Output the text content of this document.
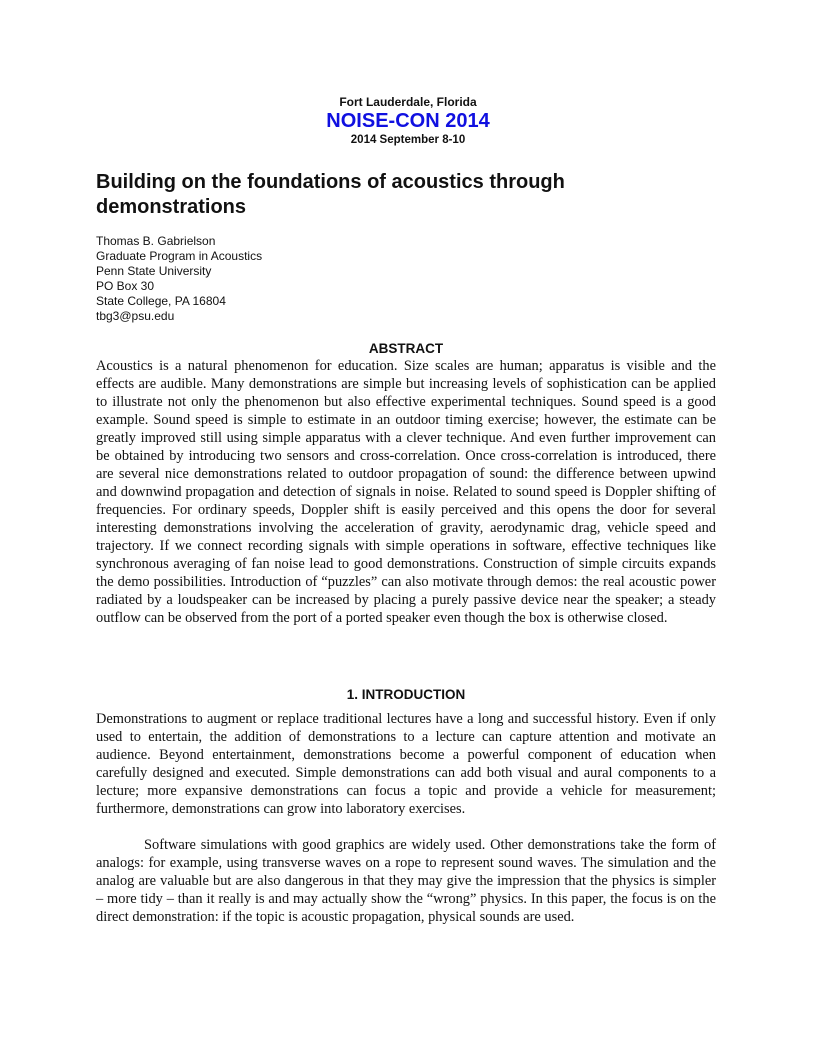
Fort Lauderdale, Florida
NOISE-CON 2014
2014 September 8-10
Building on the foundations of acoustics through demonstrations
Thomas B. Gabrielson
Graduate Program in Acoustics
Penn State University
PO Box 30
State College, PA 16804
tbg3@psu.edu
ABSTRACT

Acoustics is a natural phenomenon for education. Size scales are human; apparatus is visible and the effects are audible. Many demonstrations are simple but increasing levels of sophistication can be applied to illustrate not only the phenomenon but also effective experimental techniques. Sound speed is a good example. Sound speed is simple to estimate in an outdoor timing exercise; however, the estimate can be greatly improved still using simple apparatus with a clever technique. And even further improvement can be obtained by introducing two sensors and cross-correlation. Once cross-correlation is introduced, there are several nice demonstrations related to outdoor propagation of sound: the difference between upwind and downwind propagation and detection of signals in noise. Related to sound speed is Doppler shifting of frequencies. For ordinary speeds, Doppler shift is easily perceived and this opens the door for several interesting demonstrations involving the acceleration of gravity, aerodynamic drag, vehicle speed and trajectory. If we connect recording signals with simple operations in software, effective techniques like synchronous averaging of fan noise lead to good demonstrations. Construction of simple circuits expands the demo possibilities. Introduction of “puzzles” can also motivate through demos: the real acoustic power radiated by a loudspeaker can be increased by placing a purely passive device near the speaker; a steady outflow can be observed from the port of a ported speaker even though the box is otherwise closed.

1. INTRODUCTION

Demonstrations to augment or replace traditional lectures have a long and successful history. Even if only used to entertain, the addition of demonstrations to a lecture can capture attention and motivate an audience. Beyond entertainment, demonstrations become a powerful component of education when carefully designed and executed. Simple demonstrations can add both visual and aural components to a lecture; more expansive demonstrations can focus a topic and provide a vehicle for measurement; furthermore, demonstrations can grow into laboratory exercises.

Software simulations with good graphics are widely used. Other demonstrations take the form of analogs: for example, using transverse waves on a rope to represent sound waves. The simulation and the analog are valuable but are also dangerous in that they may give the impression that the physics is simpler – more tidy – than it really is and may actually show the “wrong” physics. In this paper, the focus is on the direct demonstration: if the topic is acoustic propagation, physical sounds are used.
